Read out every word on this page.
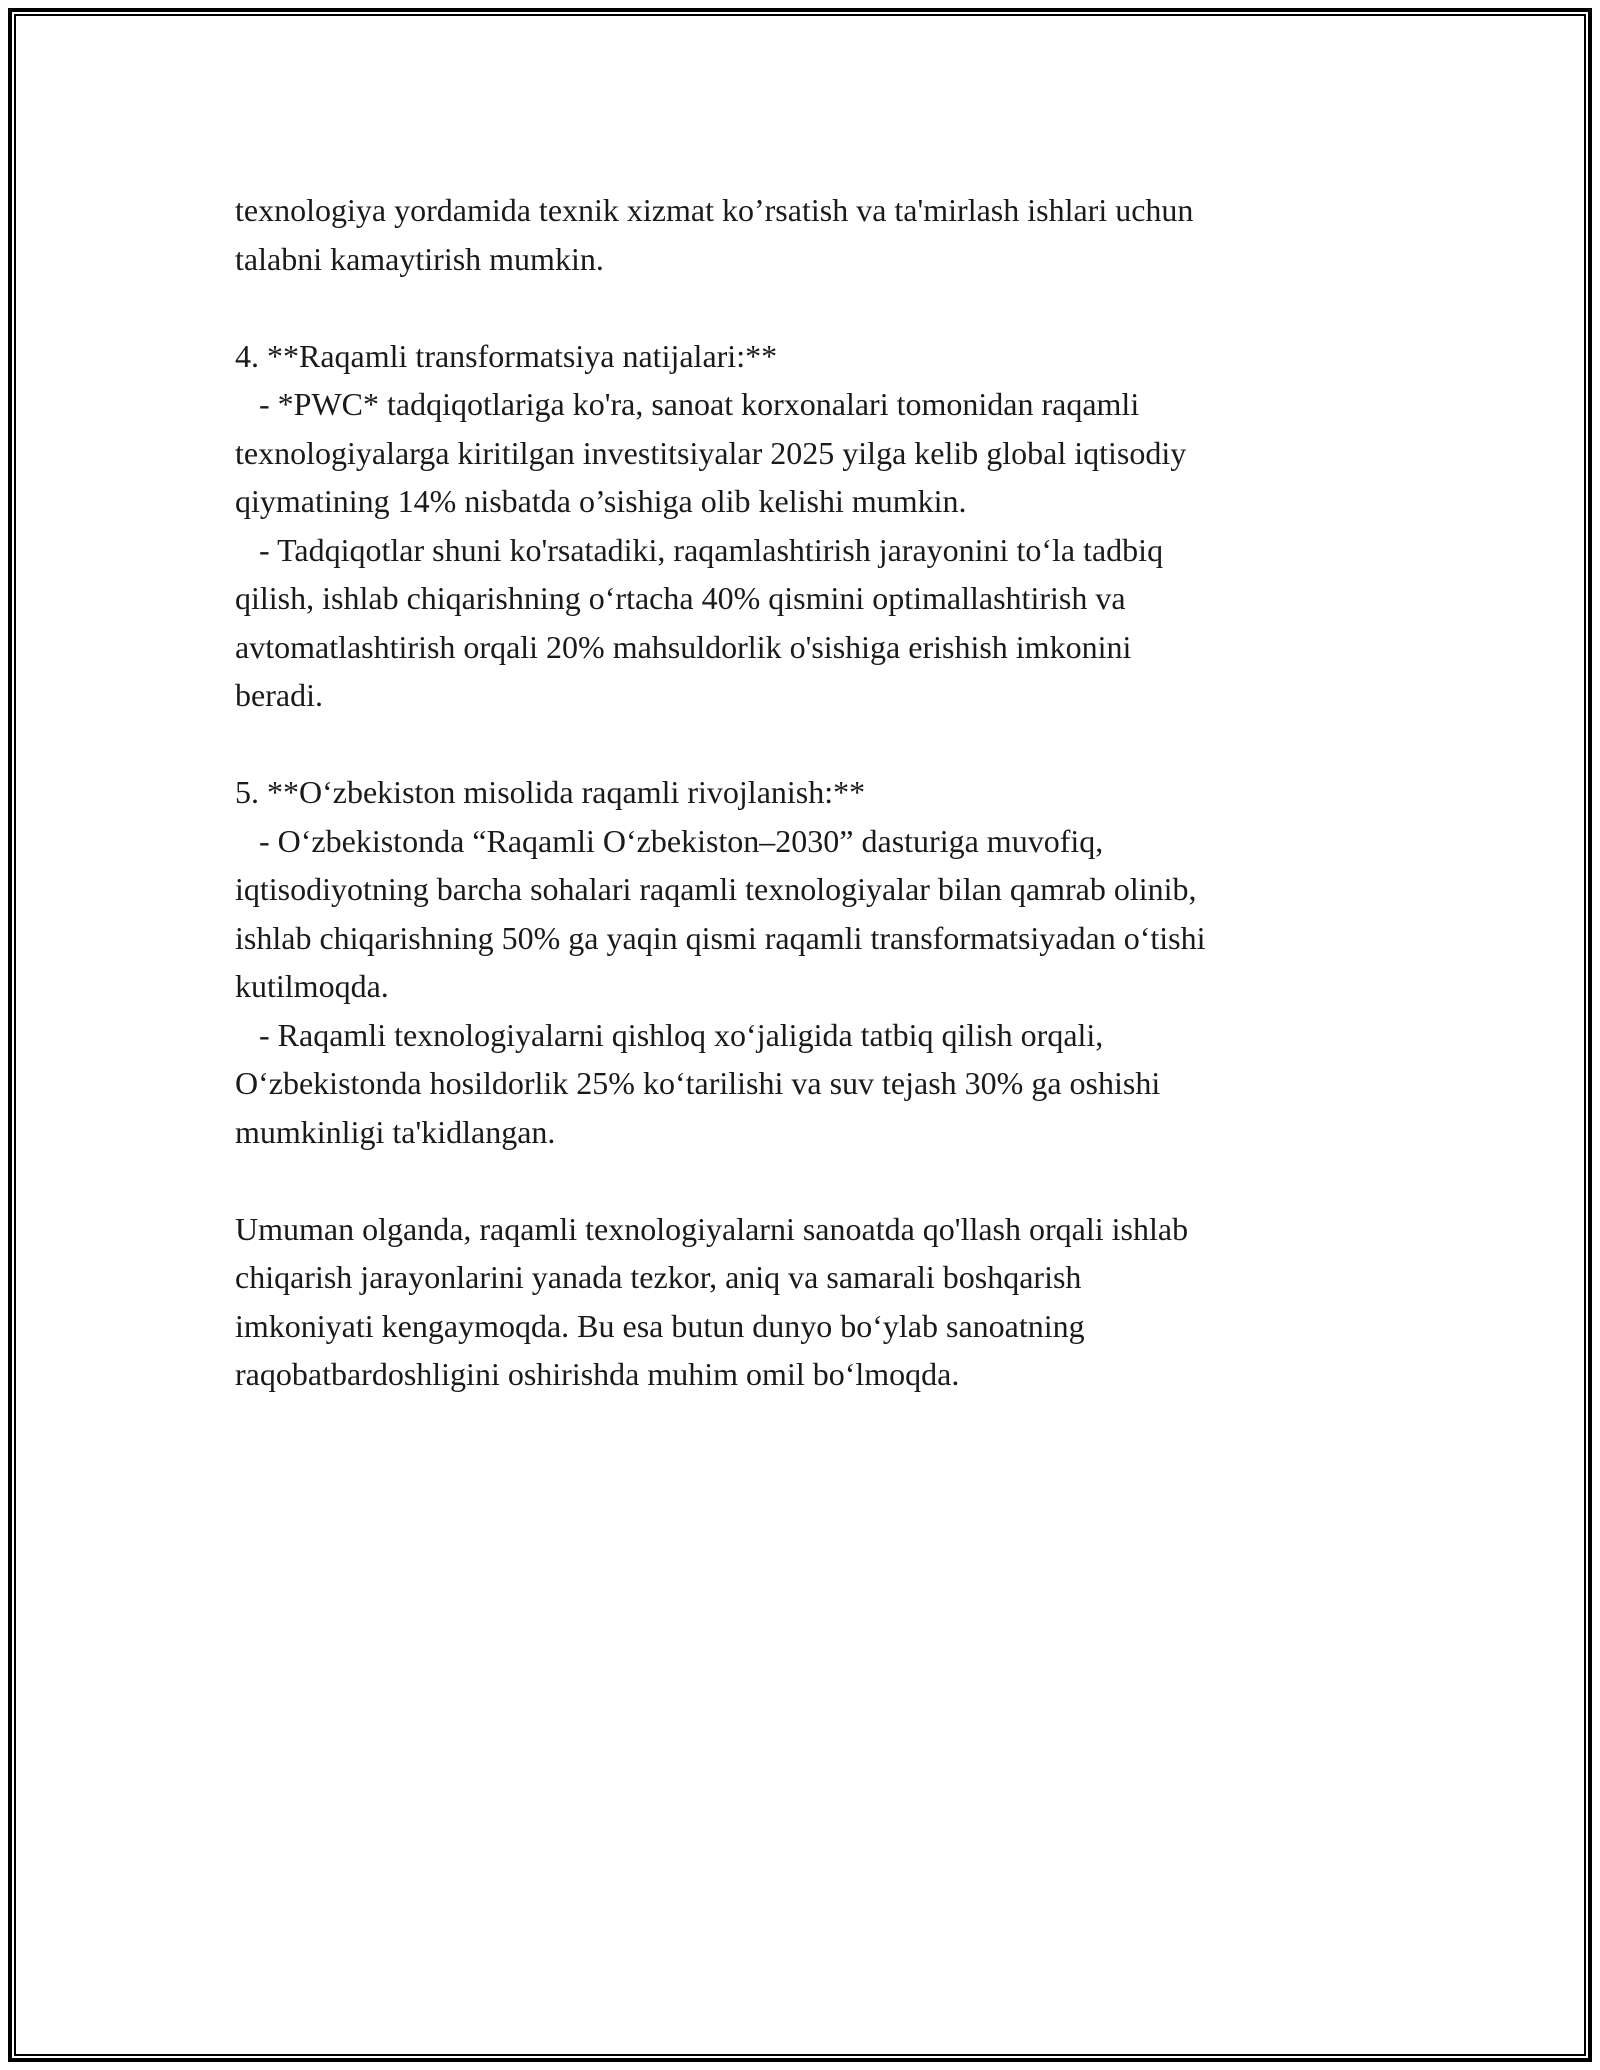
texnologiya yordamida texnik xizmat ko’rsatish va ta'mirlash ishlari uchun

talabni kamaytirish mumkin.

4. **Raqamli transformatsiya natijalari:**

- *PWC* tadqiqotlariga ko'ra, sanoat korxonalari tomonidan raqamli

texnologiyalarga kiritilgan investitsiyalar 2025 yilga kelib global iqtisodiy

qiymatining 14% nisbatda o’sishiga olib kelishi mumkin.

- Tadqiqotlar shuni ko'rsatadiki, raqamlashtirish jarayonini to‘la tadbiq

qilish, ishlab chiqarishning o‘rtacha 40% qismini optimallashtirish va

avtomatlashtirish orqali 20% mahsuldorlik o'sishiga erishish imkonini

beradi.

5. **O‘zbekiston misolida raqamli rivojlanish:**

- O‘zbekistonda “Raqamli O‘zbekiston–2030” dasturiga muvofiq,

iqtisodiyotning barcha sohalari raqamli texnologiyalar bilan qamrab olinib,

ishlab chiqarishning 50% ga yaqin qismi raqamli transformatsiyadan o‘tishi

kutilmoqda.

- Raqamli texnologiyalarni qishloq xo‘jaligida tatbiq qilish orqali,

O‘zbekistonda hosildorlik 25% ko‘tarilishi va suv tejash 30% ga oshishi

mumkinligi ta'kidlangan.

Umuman olganda, raqamli texnologiyalarni sanoatda qo'llash orqali ishlab

chiqarish jarayonlarini yanada tezkor, aniq va samarali boshqarish

imkoniyati kengaymoqda. Bu esa butun dunyo bo‘ylab sanoatning

raqobatbardoshligini oshirishda muhim omil bo‘lmoqda.
